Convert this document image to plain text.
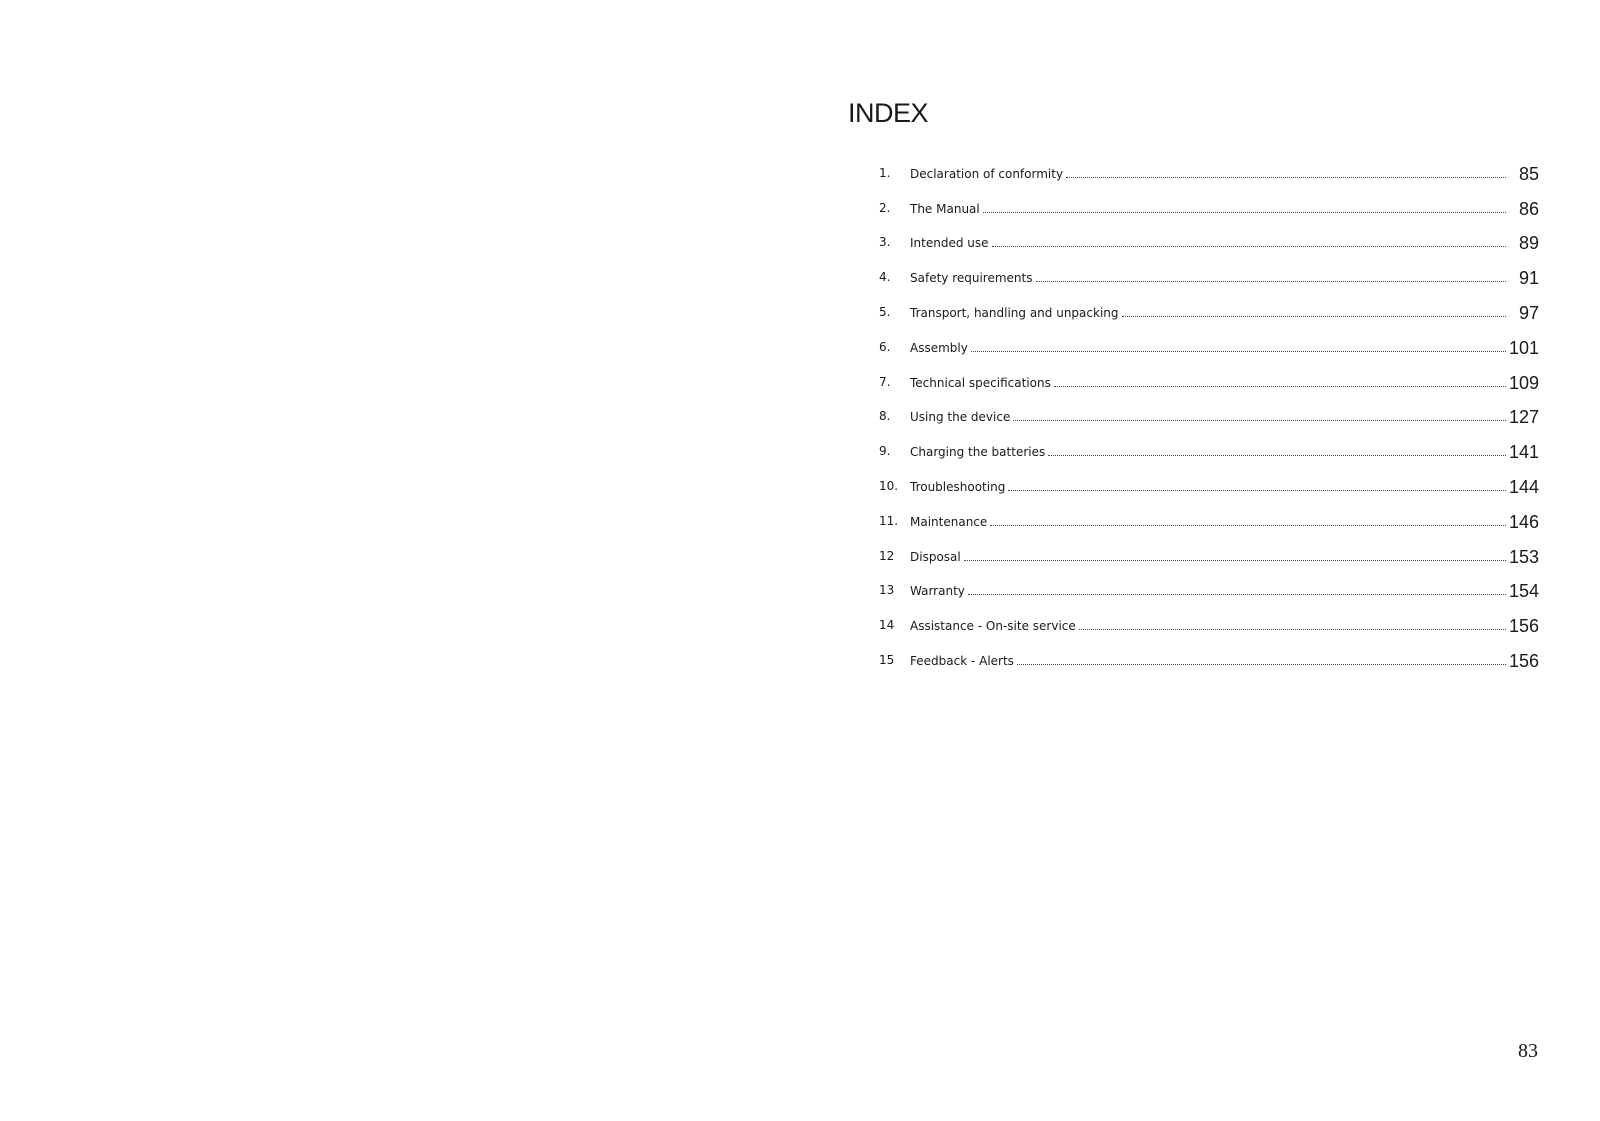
INDEX
1.	Declaration of conformity	85
2.	The Manual	86
3.	Intended use	89
4.	Safety requirements	91
5.	Transport, handling and unpacking	97
6.	Assembly	101
7.	Technical specifications	109
8.	Using the device	127
9.	Charging the batteries	141
10. Troubleshooting	144
11. Maintenance	146
12	Disposal	153
13	Warranty	154
14	Assistance - On-site service	156
15	Feedback - Alerts	156
83
